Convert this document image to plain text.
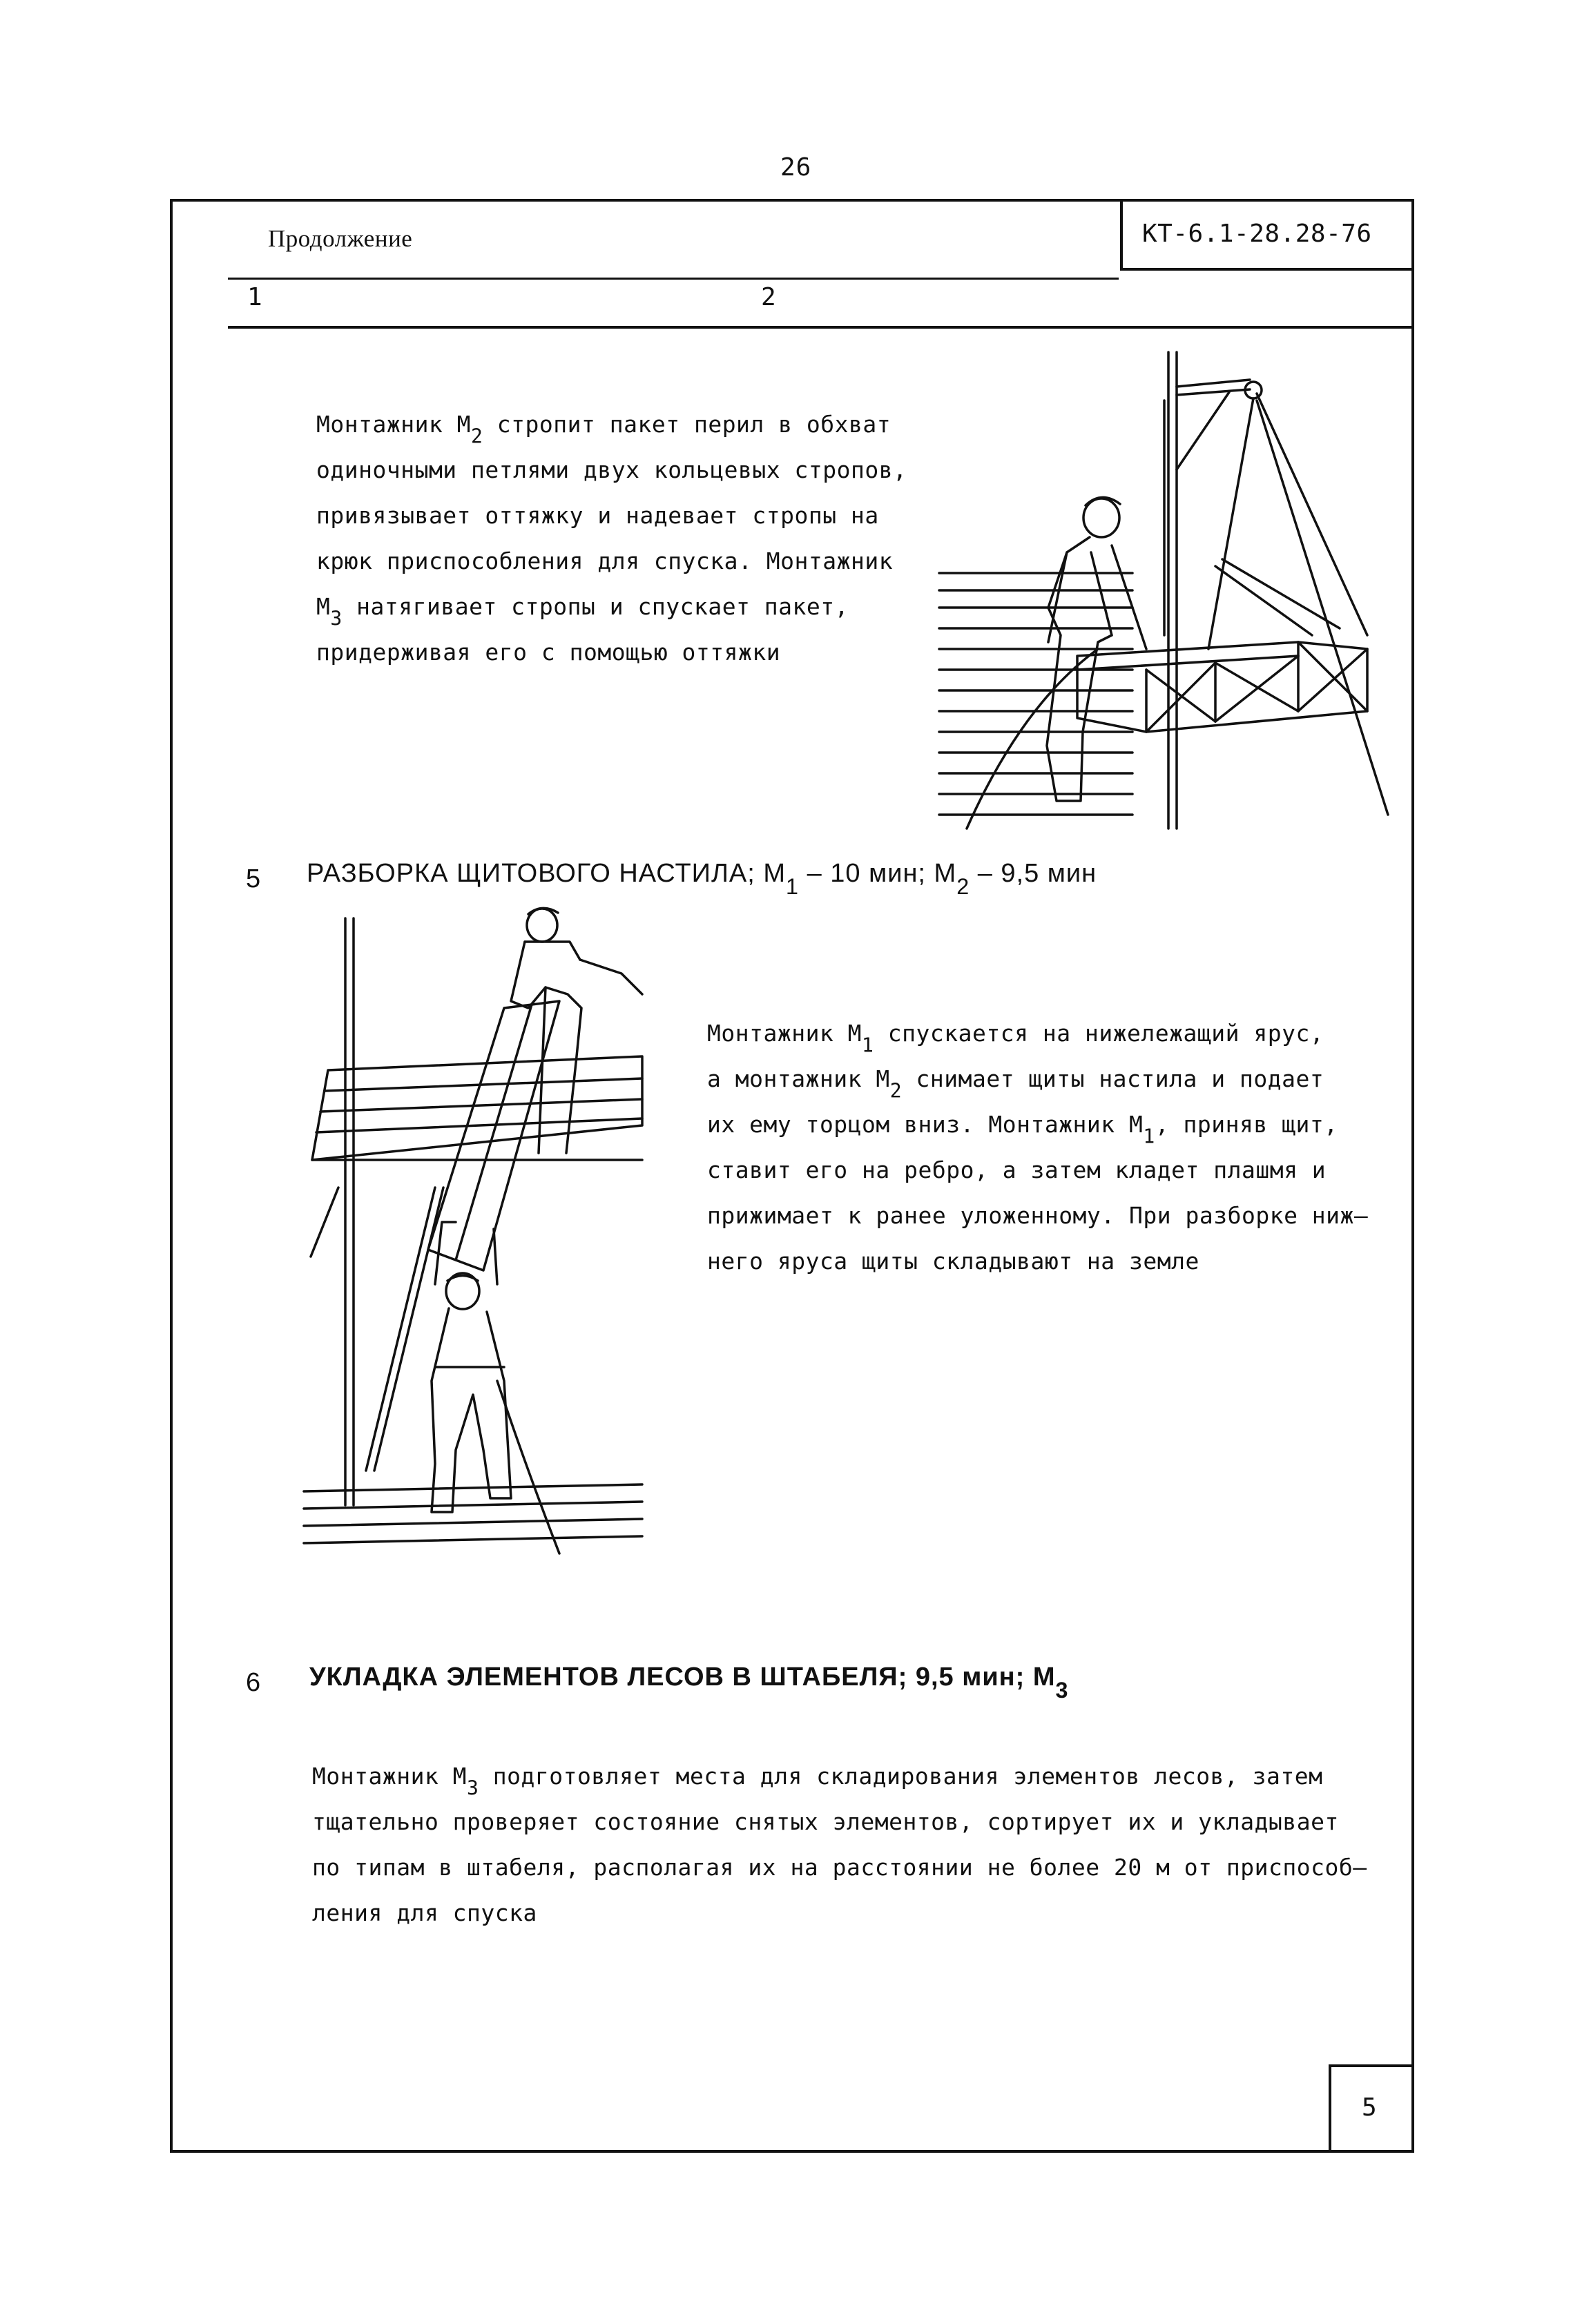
26
КТ-6.1-28.28-76
Продолжение
1	2
Монтажник $М_2$ стропит пакет перил в обхват
одиночными петлями двух кольцевых стропов,
привязывает оттяжку и надевает стропы на
крюк приспособления для спуска. Монтажник
$М_3$ натягивает стропы и спускает пакет,
придерживая его с помощью оттяжки
5 РАЗБОРКА ЩИТОВОГО НАСТИЛА; $М_1 - 10$ мин; $М_2 - 9,5$ мин
Монтажник $М_1$ спускается на нижележащий ярус,
а монтажник $М_2$ снимает щиты настила и подает
их ему торцом вниз. Монтажник $М_1$, приняв щит,
ставит его на ребро, а затем кладет плашмя и
прижимает к ранее уложенному. При разборке ниж–
него яруса щиты складывают на земле
6 УКЛАДКА ЭЛЕМЕНТОВ ЛЕСОВ В ШТАБЕЛЯ; 9,5 мин; $М_3$
Монтажник $М_3$ подготовляет места для складирования элементов лесов, затем
тщательно проверяет состояние снятых элементов, сортирует их и укладывает
по типам в штабеля, располагая их на расстоянии не более 20 м от приспособ–
ления для спуска
5
